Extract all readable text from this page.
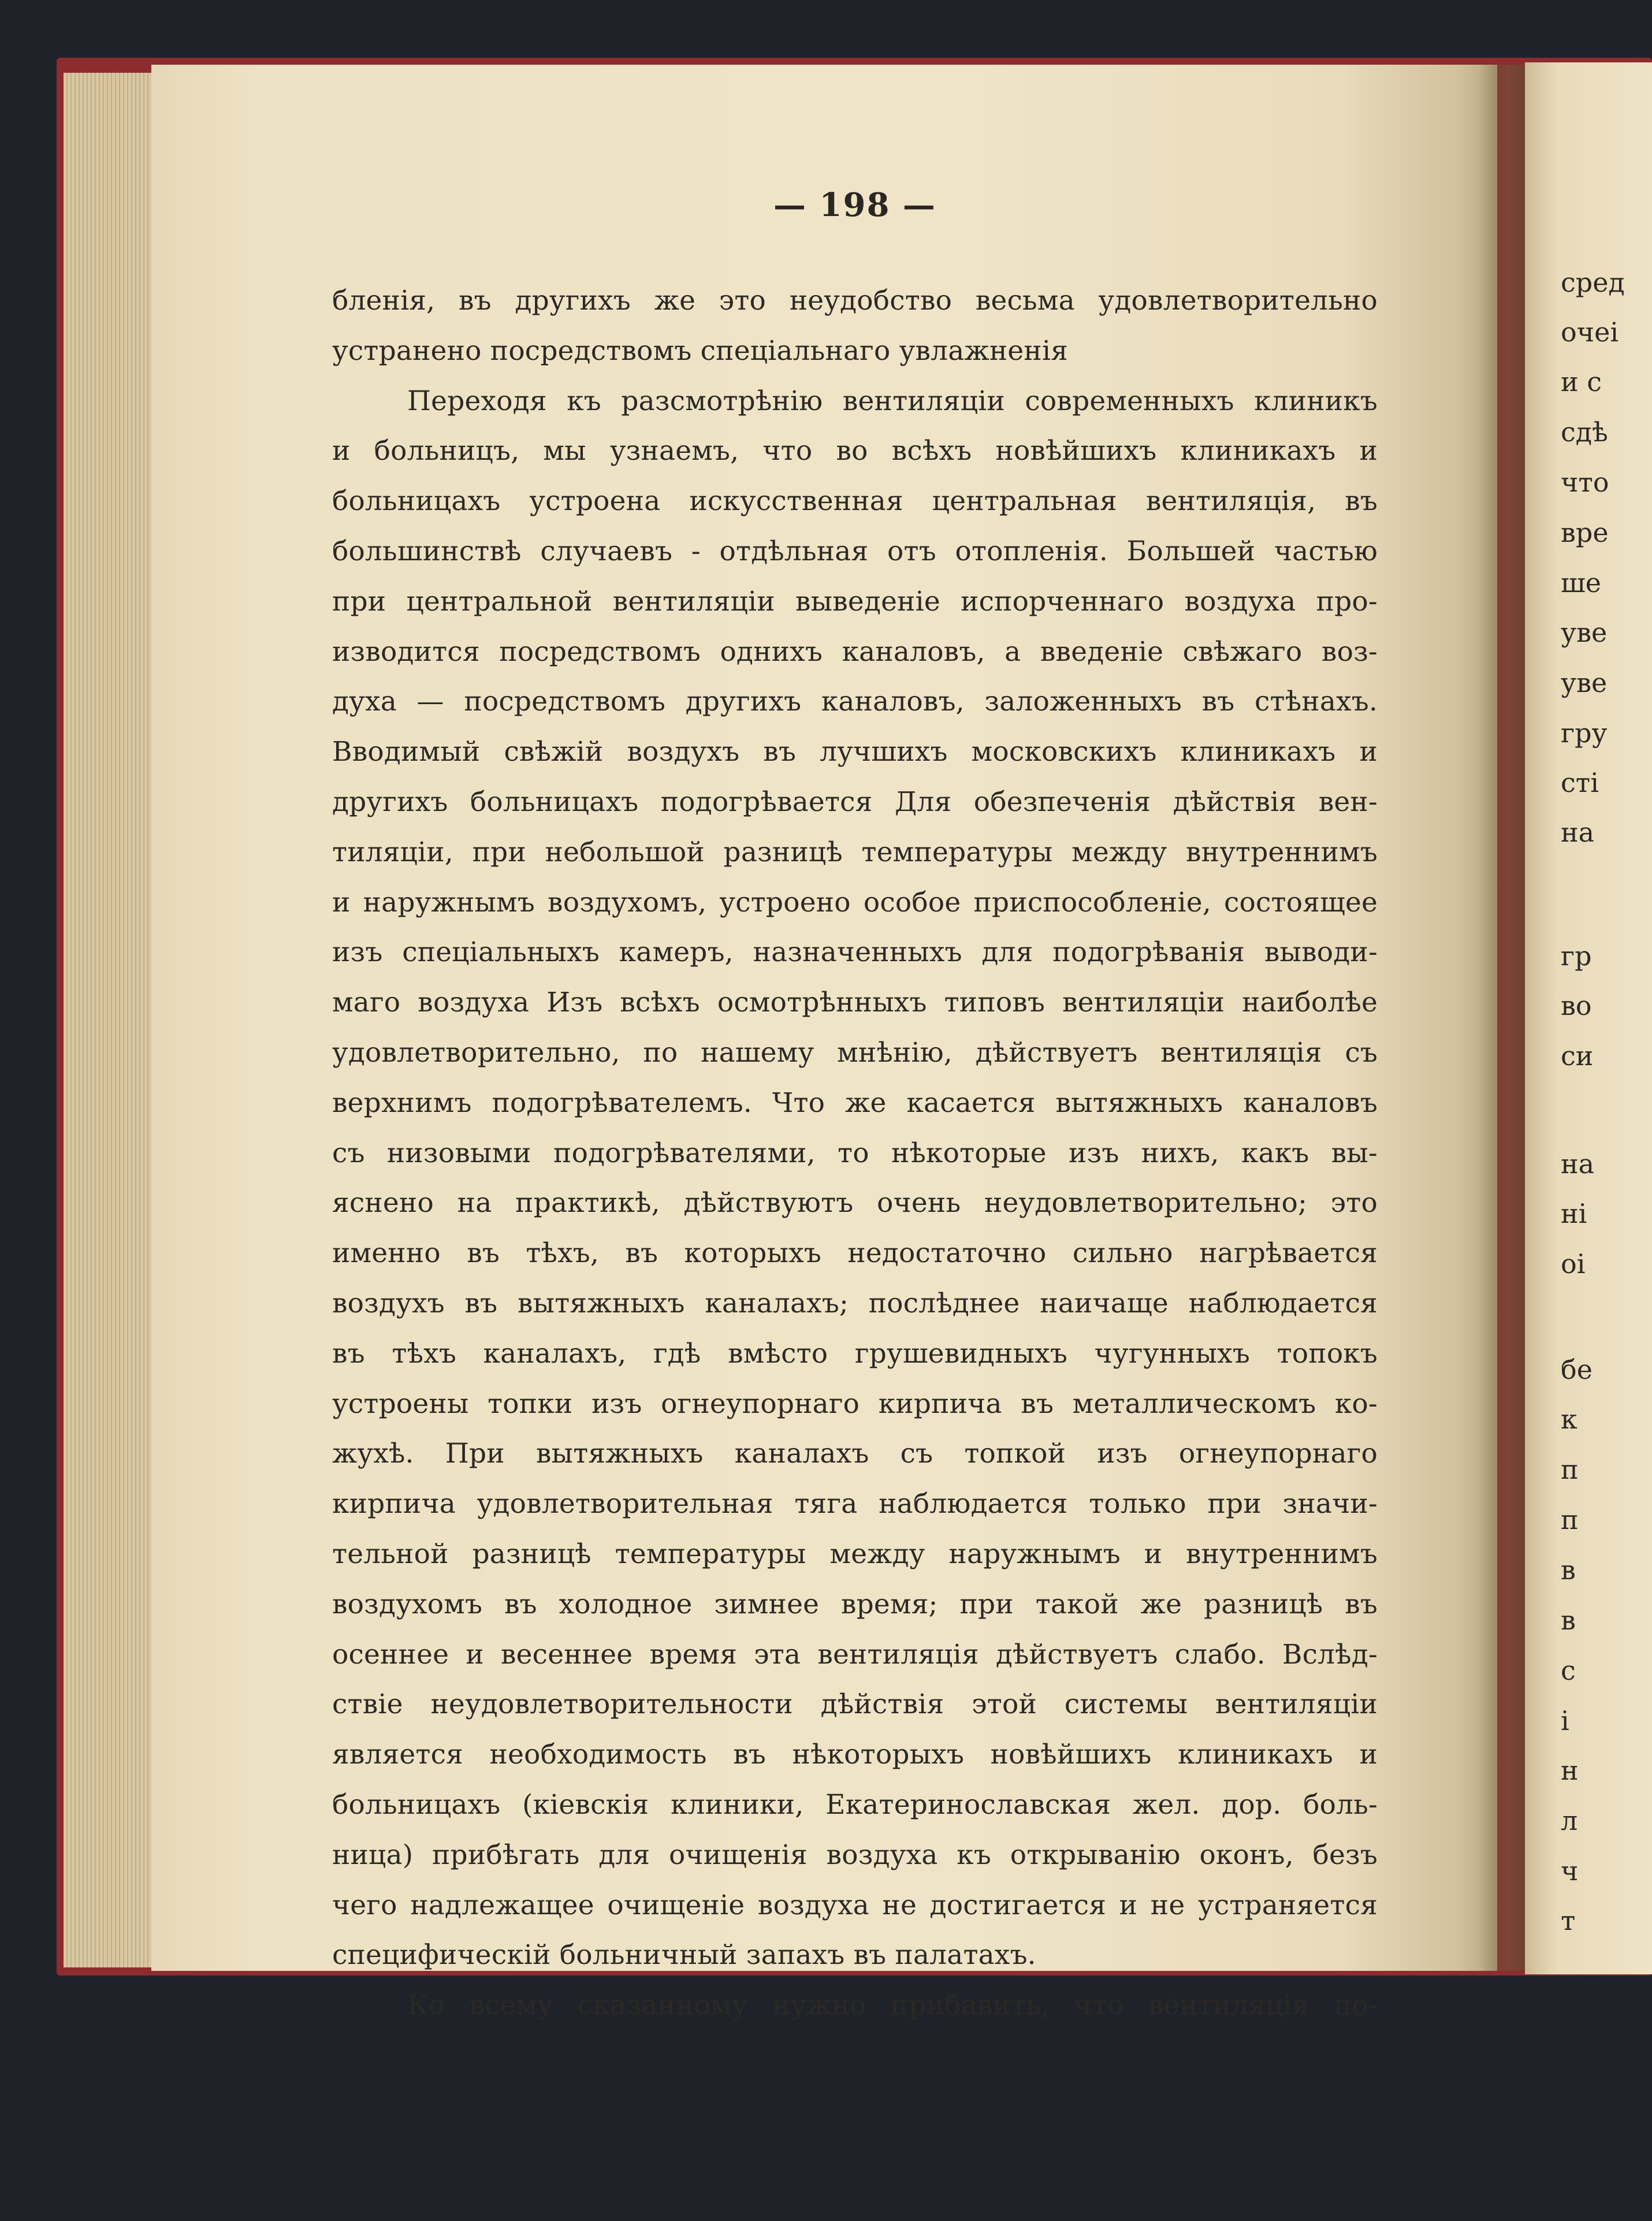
сред
очеі
и с
сдѣ
что
вре
ше
уве
уве
гру
сті
на
гр
во
си
на
ні
оі
бе
к
п
п
в
в
с
і
н
л
ч
т
— 198 —
бленія, въ другихъ же это неудобство весьма удовлетворительно
устранено посредствомъ спеціальнаго увлажненія
Переходя къ разсмотрѣнію вентиляціи современныхъ клиникъ
и больницъ, мы узнаемъ, что во всѣхъ новѣйшихъ клиникахъ и
больницахъ устроена искусственная центральная вентиляція, въ
большинствѣ случаевъ - отдѣльная отъ отопленія. Большей частью
при центральной вентиляціи выведеніе испорченнаго воздуха про-
изводится посредствомъ однихъ каналовъ, а введеніе свѣжаго воз-
духа — посредствомъ другихъ каналовъ, заложенныхъ въ стѣнахъ.
Вводимый свѣжій воздухъ въ лучшихъ московскихъ клиникахъ и
другихъ больницахъ подогрѣвается Для обезпеченія дѣйствія вен-
тиляціи, при небольшой разницѣ температуры между внутреннимъ
и наружнымъ воздухомъ, устроено особое приспособленіе, состоящее
изъ спеціальныхъ камеръ, назначенныхъ для подогрѣванія выводи-
маго воздуха Изъ всѣхъ осмотрѣнныхъ типовъ вентиляціи наиболѣе
удовлетворительно, по нашему мнѣнію, дѣйствуетъ вентиляція съ
верхнимъ подогрѣвателемъ. Что же касается вытяжныхъ каналовъ
съ низовыми подогрѣвателями, то нѣкоторые изъ нихъ, какъ вы-
яснено на практикѣ, дѣйствуютъ очень неудовлетворительно; это
именно въ тѣхъ, въ которыхъ недостаточно сильно нагрѣвается
воздухъ въ вытяжныхъ каналахъ; послѣднее наичаще наблюдается
въ тѣхъ каналахъ, гдѣ вмѣсто грушевидныхъ чугунныхъ топокъ
устроены топки изъ огнеупорнаго кирпича въ металлическомъ ко-
жухѣ. При вытяжныхъ каналахъ съ топкой изъ огнеупорнаго
кирпича удовлетворительная тяга наблюдается только при значи-
тельной разницѣ температуры между наружнымъ и внутреннимъ
воздухомъ въ холодное зимнее время; при такой же разницѣ въ
осеннее и весеннее время эта вентиляція дѣйствуетъ слабо. Вслѣд-
ствіе неудовлетворительности дѣйствія этой системы вентиляціи
является необходимость въ нѣкоторыхъ новѣйшихъ клиникахъ и
больницахъ (кіевскія клиники, Екатеринославская жел. дор. боль-
ница) прибѣгать для очищенія воздуха къ открыванію оконъ, безъ
чего надлежащее очищеніе воздуха не достигается и не устраняется
специфическій больничный запахъ въ палатахъ.
Ко всему сказанному нужно прибавить, что вентиляція по-
